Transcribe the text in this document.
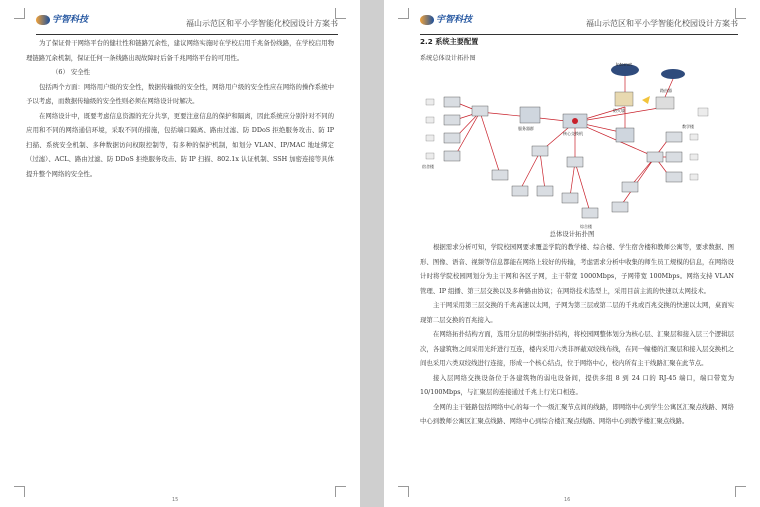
宇智科技	福山示范区和平小学智能化校园设计方案书

为了保证骨干网络平台的健壮性和链路冗余性，建议网络实施时在学校启用千兆备份线路，在学校启用物理链路冗余机制，保证任何一条线路出现故障时后备千兆网络平台的可用性。

（6） 安全性

包括两个方面：网络用户级的安全性，数据传输级的安全性，网络用户级的安全性应在网络的操作系统中予以考虑，而数据传输级的安全性则必须在网络设计时解决。

在网络设计中，既要考虑信息资源的充分共享，更要注意信息的保护和隔离，因此系统应分别针对不同的应用和不同的网络通信环境，采取不同的措施，包括端口隔离、路由过滤、防 DDoS 拒绝服务攻击、防 IP 扫描、系统安全机制、多种数据访问权限控制等，有多种的保护机制，如划分 VLAN、IP/MAC 地址绑定（过滤）、ACL、路由过滤、防 DDoS 拒绝服务攻击、防 IP 扫描、802.1x 认证机制、SSH 加密连接等具体提升整个网络的安全性。

15
宇智科技	福山示范区和平小学智能化校园设计方案书
2.2 系统主要配置
系统总体设计拓扑图
核心交换机
服务器群	教学楼
综合楼
宿舍楼
Internet
防火墙
路由器
总体设计拓扑图

根据需求分析可知，学院校园网要求覆盖学院的教学楼、综合楼、学生宿舍楼和教师公寓等，要求数据、图形、图像、语音、视频等信息都能在网络上较好的传输，考虑需求分析中收集的师生员工规模的信息，在网络设计时将学院校园网划分为主干网和各区子网，主干带宽 1000Mbps，子网带宽 100Mbps。网络支持 VLAN 管理、IP 组播、第三层交换以及多种路由协议；在网络技术选型上，采用目前主流的快速以太网技术。

主干网采用第三层交换的千兆高速以太网，子网为第三层或第二层的千兆或百兆交换的快速以太网，桌面实现第二层交换的百兆接入。

在网络拓扑结构方面，选用分层的树型拓扑结构，将校园网整体划分为核心层、汇聚层和接入层三个逻辑层次，各建筑物之间采用光纤进行互连，楼内采用六类非屏蔽双绞线布线，在同一幢楼的汇聚层和接入层交换机之间也采用六类双绞线进行连接，形成一个核心结点，位于网络中心，校内所有主干线路汇聚在此节点。

接入层网络交换设备位于各建筑物的弱电设备间，提供多组 8 到 24 口的 RJ-45 端口，端口带宽为 10/100Mbps，与汇聚层的连接通过千兆上行光口相连。

全网的主干链路包括网络中心的每一个一级汇聚节点间的线路，即网络中心到学生公寓区汇聚点线路、网络中心到教师公寓区汇聚点线路、网络中心到综合楼汇聚点线路、网络中心到教学楼汇聚点线路。

16
